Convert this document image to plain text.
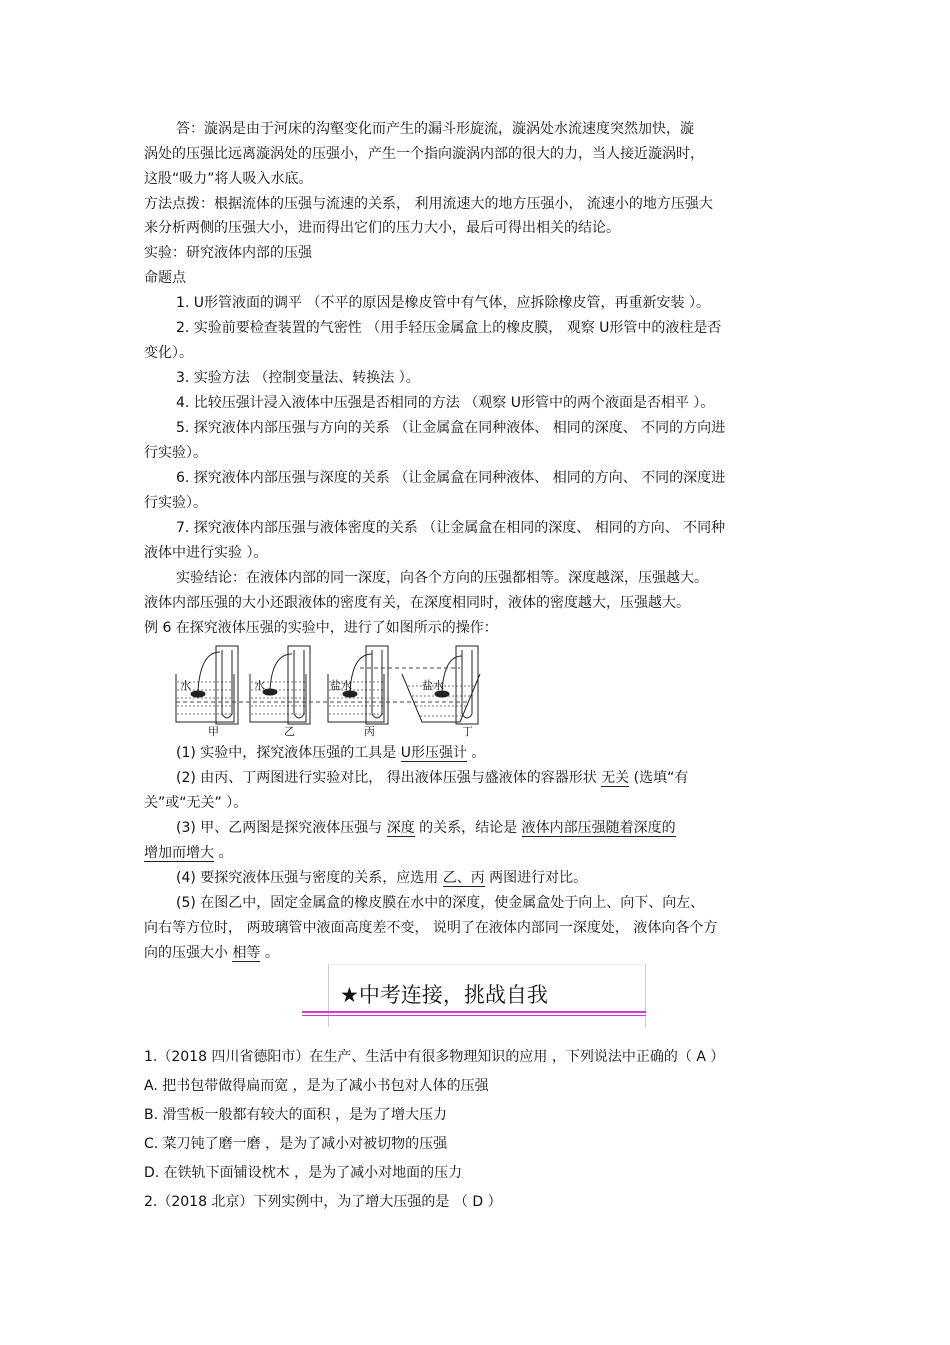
答：漩涡是由于河床的沟壑变化而产生的漏斗形旋流，漩涡处水流速度突然加快，漩
涡处的压强比远离漩涡处的压强小，产生一个指向漩涡内部的很大的力，当人接近漩涡时，
这股“吸力”将人吸入水底。
方法点拨：根据流体的压强与流速的关系， 利用流速大的地方压强小， 流速小的地方压强大
来分析两侧的压强大小，进而得出它们的压力大小，最后可得出相关的结论。
实验：研究液体内部的压强
命题点
1. U形管液面的调平 （不平的原因是橡皮管中有气体，应拆除橡皮管，再重新安装 ）。
2. 实验前要检查装置的气密性 （用手轻压金属盒上的橡皮膜， 观察 U形管中的液柱是否
变化）。
3. 实验方法 （控制变量法、转换法 ）。
4. 比较压强计浸入液体中压强是否相同的方法 （观察 U形管中的两个液面是否相平 ）。
5. 探究液体内部压强与方向的关系 （让金属盒在同种液体、 相同的深度、 不同的方向进
行实验）。
6. 探究液体内部压强与深度的关系 （让金属盒在同种液体、 相同的方向、 不同的深度进
行实验）。
7. 探究液体内部压强与液体密度的关系 （让金属盒在相同的深度、 相同的方向、 不同种
液体中进行实验 ）。
实验结论：在液体内部的同一深度，向各个方向的压强都相等。深度越深，压强越大。
液体内部压强的大小还跟液体的密度有关，在深度相同时，液体的密度越大，压强越大。
例 6 在探究液体压强的实验中，进行了如图所示的操作：
水	水	盐水	盐水
甲	乙	丙	丁
(1) 实验中，探究液体压强的工具是 U形压强计 。
(2) 由丙、丁两图进行实验对比， 得出液体压强与盛液体的容器形状 无关 (选填“有
关”或“无关” ）。
(3) 甲、乙两图是探究液体压强与 深度 的关系，结论是 液体内部压强随着深度的
增加而增大 。
(4) 要探究液体压强与密度的关系，应选用 乙、丙 两图进行对比。
(5) 在图乙中，固定金属盒的橡皮膜在水中的深度，使金属盒处于向上、向下、向左、
向右等方位时， 两玻璃管中液面高度差不变， 说明了在液体内部同一深度处， 液体向各个方
向的压强大小 相等 。
★中考连接，挑战自我
1.（2018 四川省德阳市）在生产、生活中有很多物理知识的应用 ，下列说法中正确的（ A ）
A. 把书包带做得扁而宽 ，是为了减小书包对人体的压强
B. 滑雪板一般都有较大的面积 ，是为了增大压力
C. 菜刀钝了磨一磨 ，是为了减小对被切物的压强
D. 在铁轨下面铺设枕木 ，是为了减小对地面的压力
2.（2018 北京）下列实例中，为了增大压强的是 （ D ）
